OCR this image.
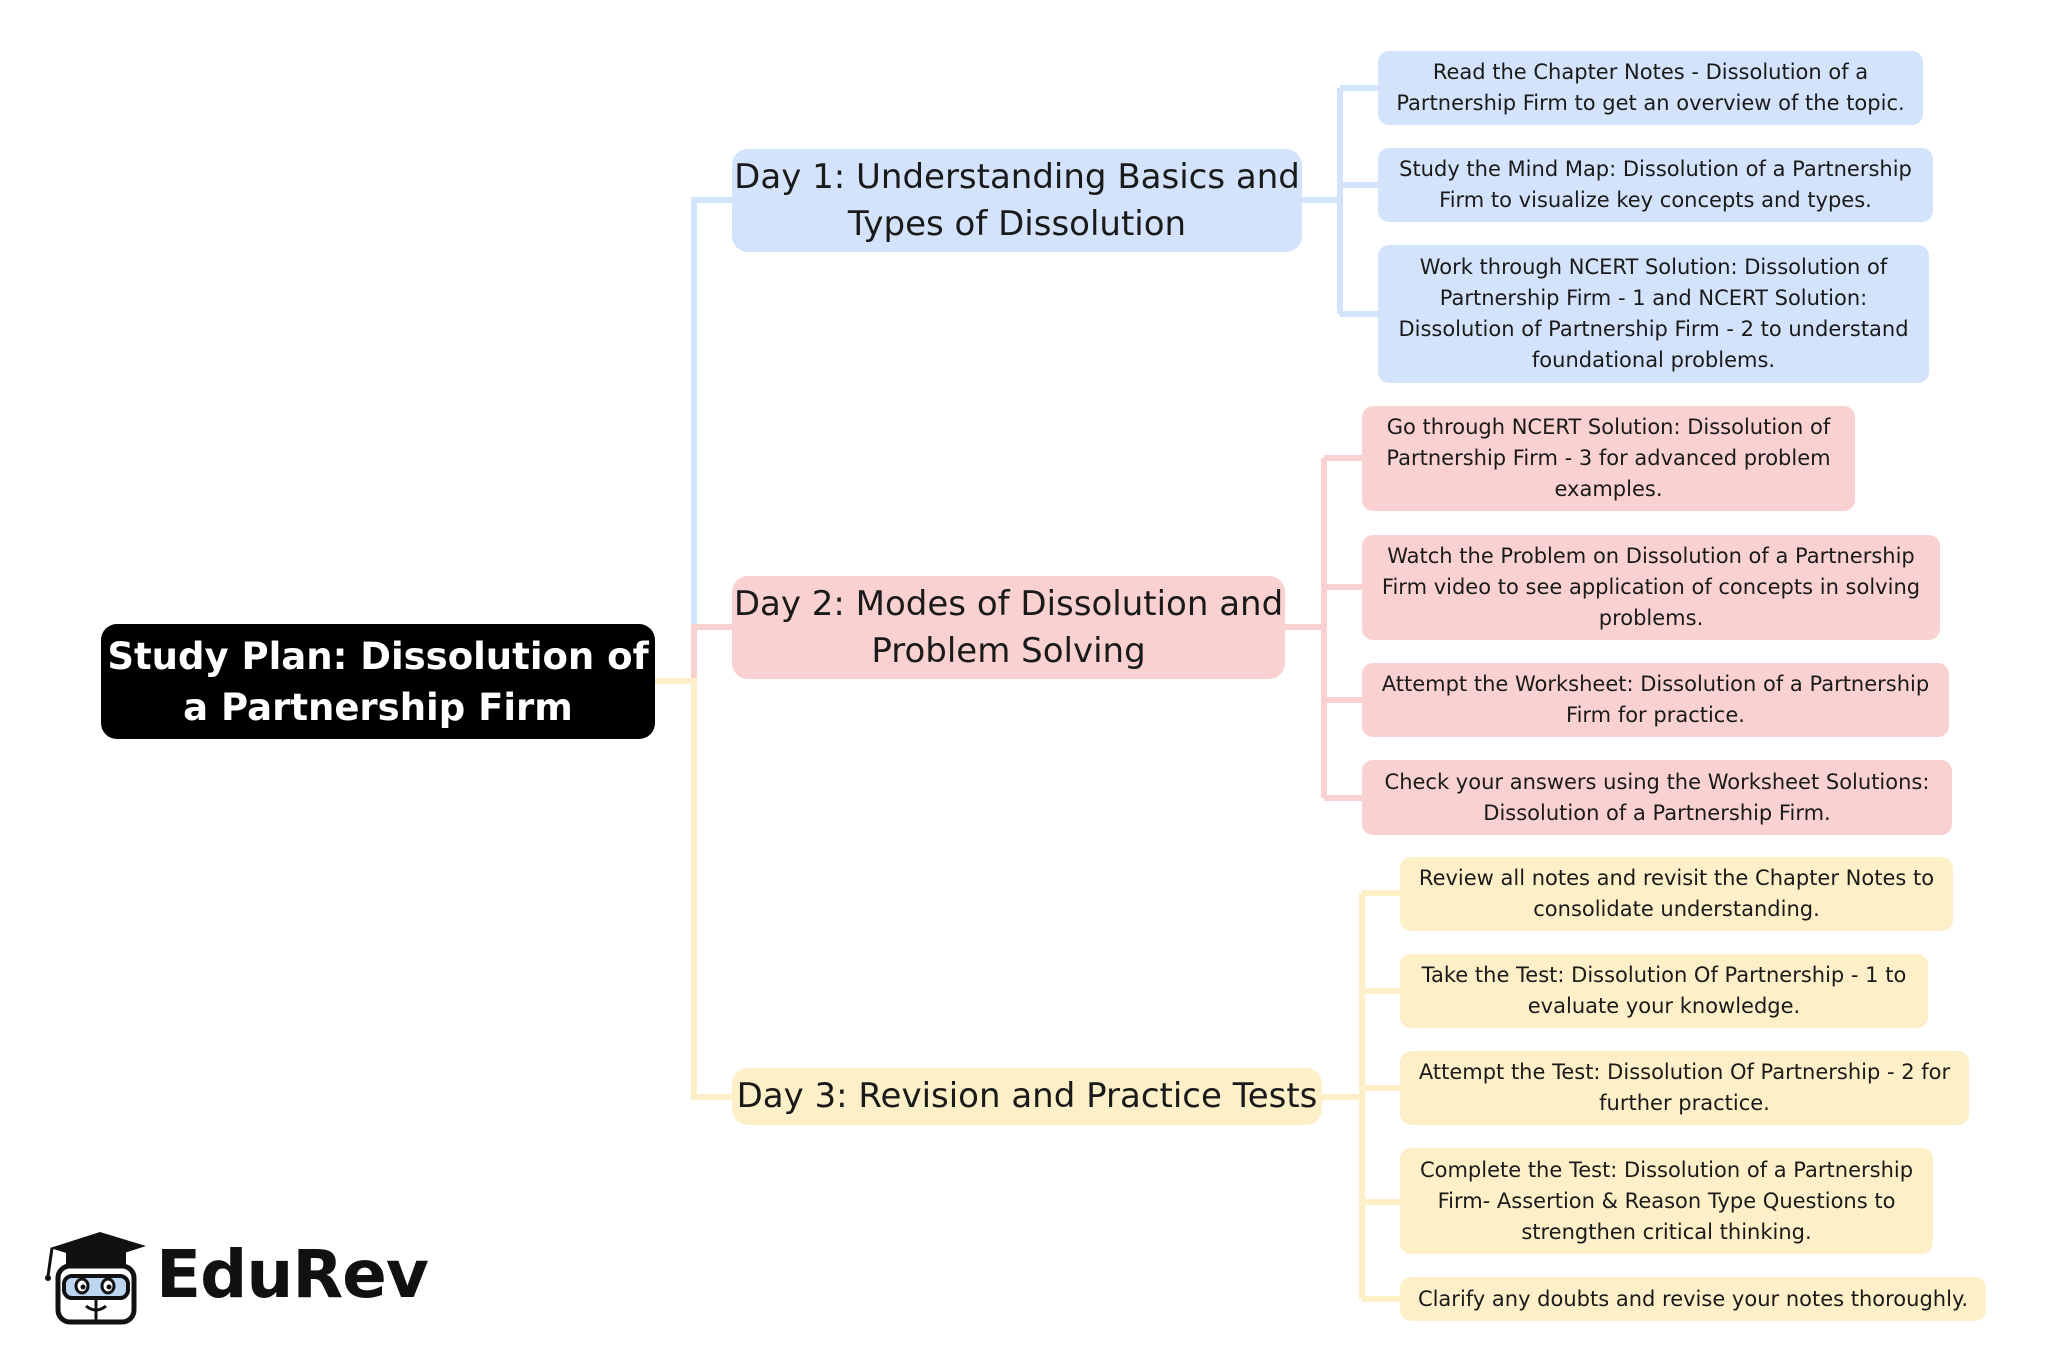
Study Plan: Dissolution of a Partnership Firm
Day 1: Understanding Basics and Types of Dissolution
Read the Chapter Notes - Dissolution of a Partnership Firm to get an overview of the topic.
Study the Mind Map: Dissolution of a Partnership Firm to visualize key concepts and types.
Work through NCERT Solution: Dissolution of Partnership Firm - 1 and NCERT Solution: Dissolution of Partnership Firm - 2 to understand foundational problems.
Day 2: Modes of Dissolution and Problem Solving
Go through NCERT Solution: Dissolution of Partnership Firm - 3 for advanced problem examples.
Watch the Problem on Dissolution of a Partnership Firm video to see application of concepts in solving problems.
Attempt the Worksheet: Dissolution of a Partnership Firm for practice.
Check your answers using the Worksheet Solutions: Dissolution of a Partnership Firm.
Day 3: Revision and Practice Tests
Review all notes and revisit the Chapter Notes to consolidate understanding.
Take the Test: Dissolution Of Partnership - 1 to evaluate your knowledge.
Attempt the Test: Dissolution Of Partnership - 2 for further practice.
Complete the Test: Dissolution of a Partnership Firm- Assertion & Reason Type Questions to strengthen critical thinking.
Clarify any doubts and revise your notes thoroughly.
EduRev
